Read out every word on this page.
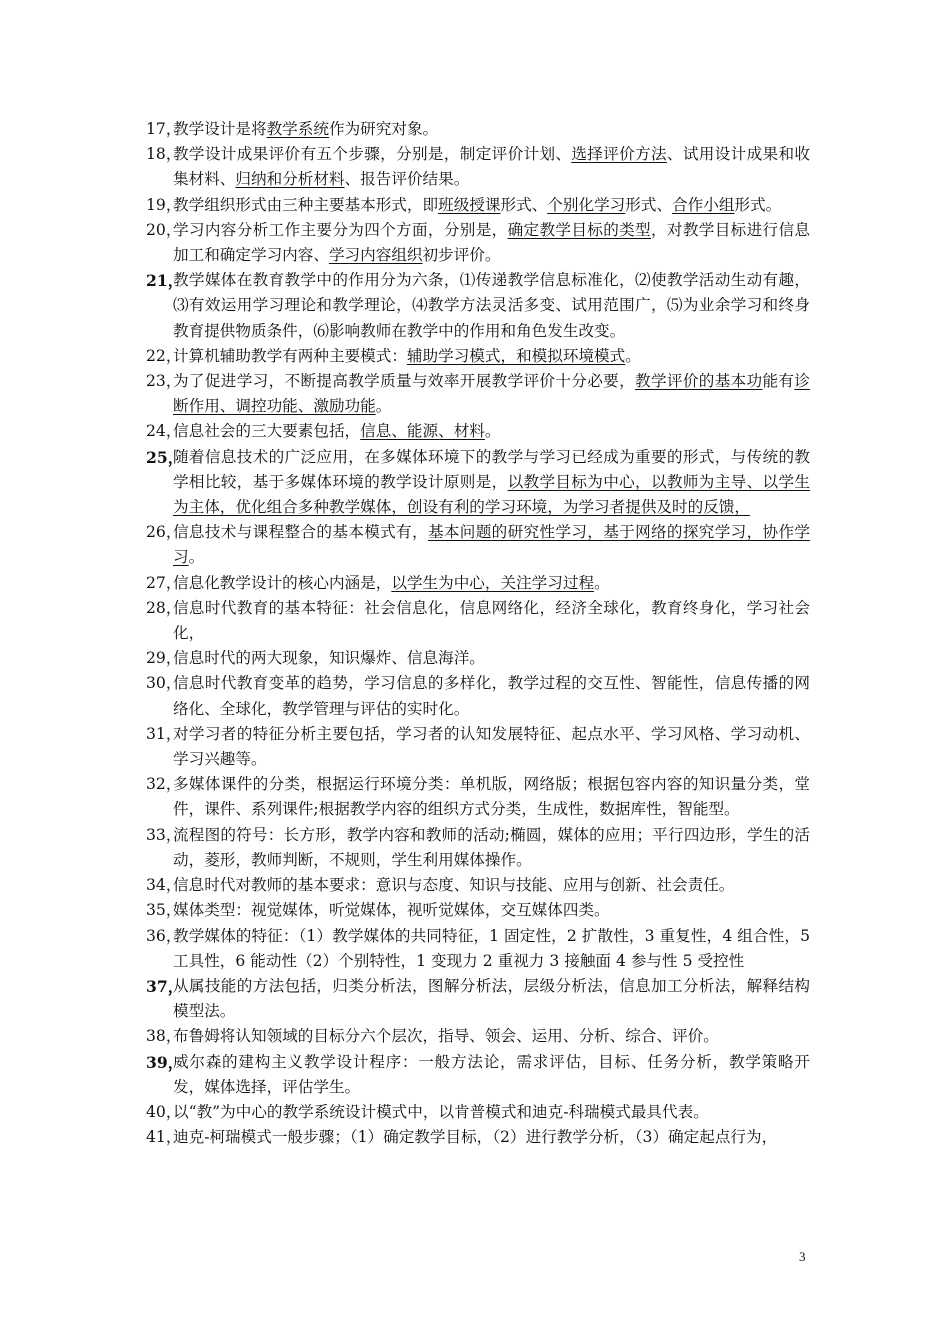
17，
教学设计是将教学系统作为研究对象。
18，
教学设计成果评价有五个步骤，分别是，制定评价计划、选择评价方法、试用设计成果和收集材料、归纳和分析材料、报告评价结果。
19，
教学组织形式由三种主要基本形式，即班级授课形式、个别化学习形式、合作小组形式。
20，
学习内容分析工作主要分为四个方面，分别是，确定教学目标的类型，对教学目标进行信息加工和确定学习内容、学习内容组织初步评价。
21，
教学媒体在教育教学中的作用分为六条，⑴传递教学信息标准化，⑵使教学活动生动有趣，⑶有效运用学习理论和教学理论，⑷教学方法灵活多变、试用范围广，⑸为业余学习和终身教育提供物质条件，⑹影响教师在教学中的作用和角色发生改变。
22，
计算机辅助教学有两种主要模式：辅助学习模式，和模拟环境模式。
23，
为了促进学习，不断提高教学质量与效率开展教学评价十分必要，教学评价的基本功能有诊断作用、调控功能、激励功能。
24，
信息社会的三大要素包括，信息、能源、材料。
25，
随着信息技术的广泛应用，在多媒体环境下的教学与学习已经成为重要的形式，与传统的教学相比较，基于多媒体环境的教学设计原则是，以教学目标为中心，以教师为主导、以学生为主体，优化组合多种教学媒体，创设有利的学习环境，为学习者提供及时的反馈，
26，
信息技术与课程整合的基本模式有，基本问题的研究性学习，基于网络的探究学习，协作学习。
27，
信息化教学设计的核心内涵是，以学生为中心，关注学习过程。
28，
信息时代教育的基本特征：社会信息化，信息网络化，经济全球化，教育终身化，学习社会化，
29，
信息时代的两大现象，知识爆炸、信息海洋。
30，
信息时代教育变革的趋势，学习信息的多样化，教学过程的交互性、智能性，信息传播的网络化、全球化，教学管理与评估的实时化。
31，
对学习者的特征分析主要包括，学习者的认知发展特征、起点水平、学习风格、学习动机、学习兴趣等。
32，
多媒体课件的分类，根据运行环境分类：单机版，网络版；根据包容内容的知识量分类，堂件，课件、系列课件;根据教学内容的组织方式分类，生成性，数据库性，智能型。
33，
流程图的符号：长方形，教学内容和教师的活动;椭圆，媒体的应用；平行四边形，学生的活动，菱形，教师判断，不规则，学生利用媒体操作。
34，
信息时代对教师的基本要求：意识与态度、知识与技能、应用与创新、社会责任。
35，
媒体类型：视觉媒体，听觉媒体，视听觉媒体，交互媒体四类。
36，
教学媒体的特征：（1）教学媒体的共同特征，1 固定性，2 扩散性，3 重复性，4 组合性，5 工具性，6 能动性（2）个别特性，1 变现力 2 重视力 3 接触面 4 参与性 5 受控性
37，
从属技能的方法包括，归类分析法，图解分析法，层级分析法，信息加工分析法，解释结构模型法。
38，
布鲁姆将认知领域的目标分六个层次，指导、领会、运用、分析、综合、评价。
39，
威尔森的建构主义教学设计程序：一般方法论，需求评估，目标、任务分析，教学策略开发，媒体选择，评估学生。
40，
以“教”为中心的教学系统设计模式中，以肯普模式和迪克-科瑞模式最具代表。
41，
迪克-柯瑞模式一般步骤；（1）确定教学目标，（2）进行教学分析，（3）确定起点行为，
3
